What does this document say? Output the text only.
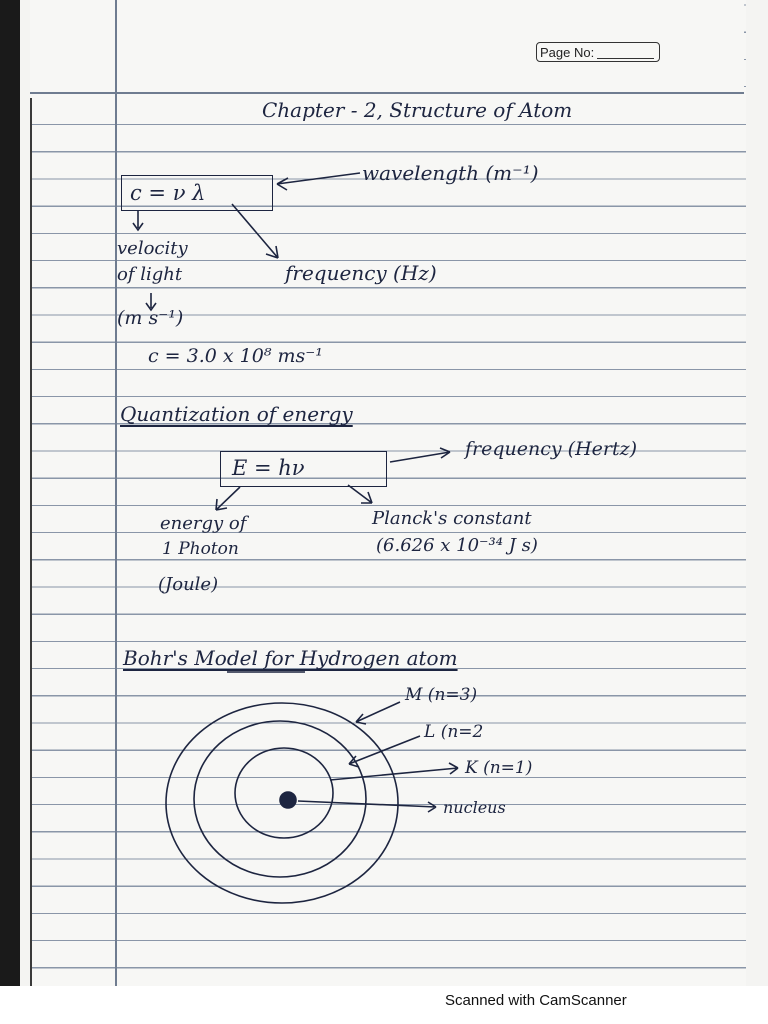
Page No:
Chapter - 2, Structure of Atom
c = ν λ
wavelength (m⁻¹)
velocity
of light
(m s⁻¹)
frequency (Hz)
c = 3.0 x 10⁸ ms⁻¹
Quantization of energy
E = hν
frequency (Hertz)
energy of
1 Photon
(Joule)
Planck's constant
(6.626 x 10⁻³⁴ J s)
Bohr's Model for Hydrogen atom
M (n=3)
L (n=2
K (n=1)
nucleus
Scanned with CamScanner
